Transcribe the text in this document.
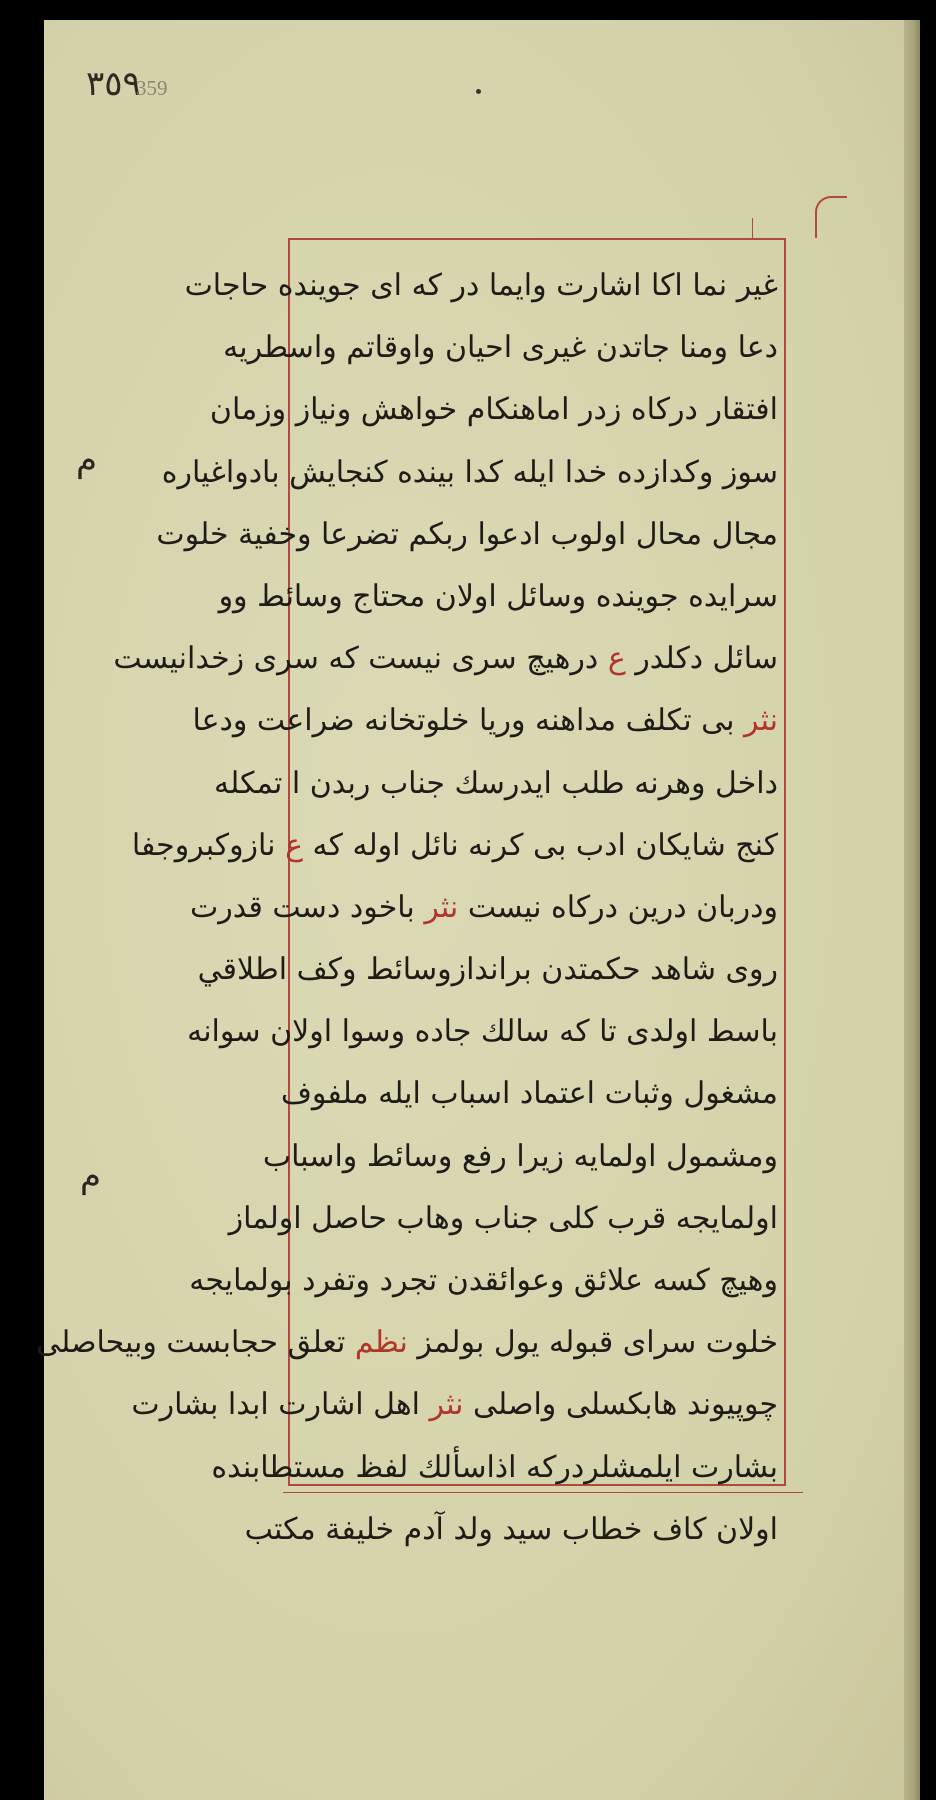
٣٥٩
359
غير نما اكا اشارت وايما در كه اى جوينده حاجات
دعا ومنا جاتدن غيرى احيان واوقاتم واسطريه
افتقار دركاه زدر اماهنكام خواهش ونياز وزمان
سوز وكدازده خدا ايله كدا بينده كنجايش بادواغياره
مجال محال اولوب ادعوا ربكم تضرعا وخفية خلوت
سرايده جوينده وسائل اولان محتاج وسائط وو
سائل دكلدر ع درهيچ سرى نيست كه سرى زخدانيست
نثر بى تكلف مداهنه وريا خلوتخانه ضراعت ودعا
داخل وهرنه طلب ايدرسك جناب ربدن ا تمكله
كنج شايكان ادب بى كرنه نائل اوله كه ع نازوكبروجفا
ودربان درين دركاه نيست نثر باخود دست قدرت
روى شاهد حكمتدن براندازوسائط وكف اطلاقي
باسط اولدى تا كه سالك جاده وسوا اولان سوانه
مشغول وثبات اعتماد اسباب ايله ملفوف
ومشمول اولمايه زيرا رفع وسائط واسباب
اولمايجه قرب كلى جناب وهاب حاصل اولماز
وهيچ كسه علائق وعوائقدن تجرد وتفرد بولمايجه
خلوت سراى قبوله يول بولمز نظم تعلق حجابست وبيحاصلى
چوپيوند هابكسلى واصلى نثر اهل اشارت ابدا بشارت
بشارت ايلمشلردركه اذاسألك لفظ مستطابنده
اولان كاف خطاب سيد ولد آدم خليفة مكتب
م
م
